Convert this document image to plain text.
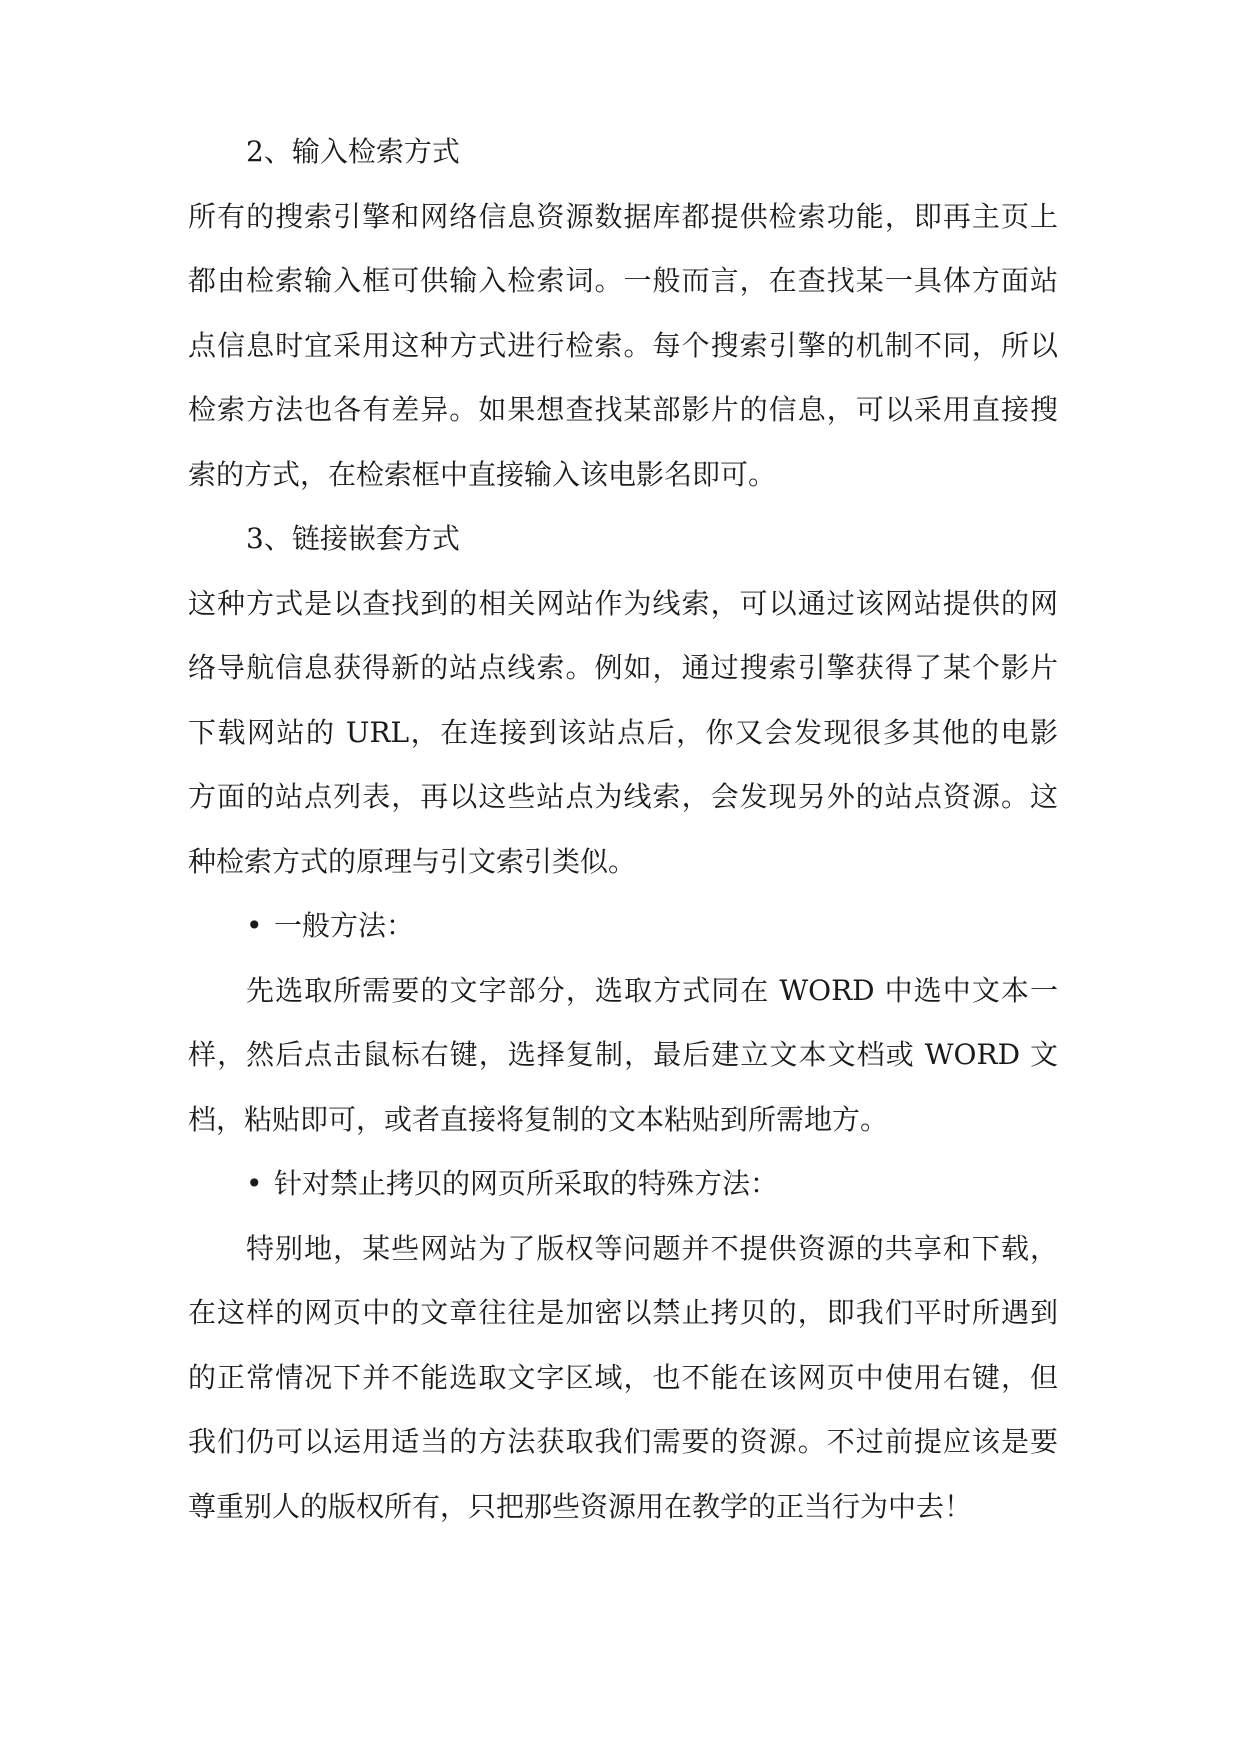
2、输入检索方式
所有的搜索引擎和网络信息资源数据库都提供检索功能，即再主页上
都由检索输入框可供输入检索词。一般而言，在查找某一具体方面站
点信息时宜采用这种方式进行检索。每个搜索引擎的机制不同，所以
检索方法也各有差异。如果想查找某部影片的信息，可以采用直接搜
索的方式，在检索框中直接输入该电影名即可。
3、链接嵌套方式
这种方式是以查找到的相关网站作为线索，可以通过该网站提供的网
络导航信息获得新的站点线索。例如，通过搜索引擎获得了某个影片
下载网站的 URL，在连接到该站点后，你又会发现很多其他的电影
方面的站点列表，再以这些站点为线索，会发现另外的站点资源。这
种检索方式的原理与引文索引类似。
• 一般方法：
先选取所需要的文字部分，选取方式同在 WORD 中选中文本一
样，然后点击鼠标右键，选择复制，最后建立文本文档或 WORD 文
档，粘贴即可，或者直接将复制的文本粘贴到所需地方。
• 针对禁止拷贝的网页所采取的特殊方法：
特别地，某些网站为了版权等问题并不提供资源的共享和下载，
在这样的网页中的文章往往是加密以禁止拷贝的，即我们平时所遇到
的正常情况下并不能选取文字区域，也不能在该网页中使用右键，但
我们仍可以运用适当的方法获取我们需要的资源。不过前提应该是要
尊重别人的版权所有，只把那些资源用在教学的正当行为中去！
